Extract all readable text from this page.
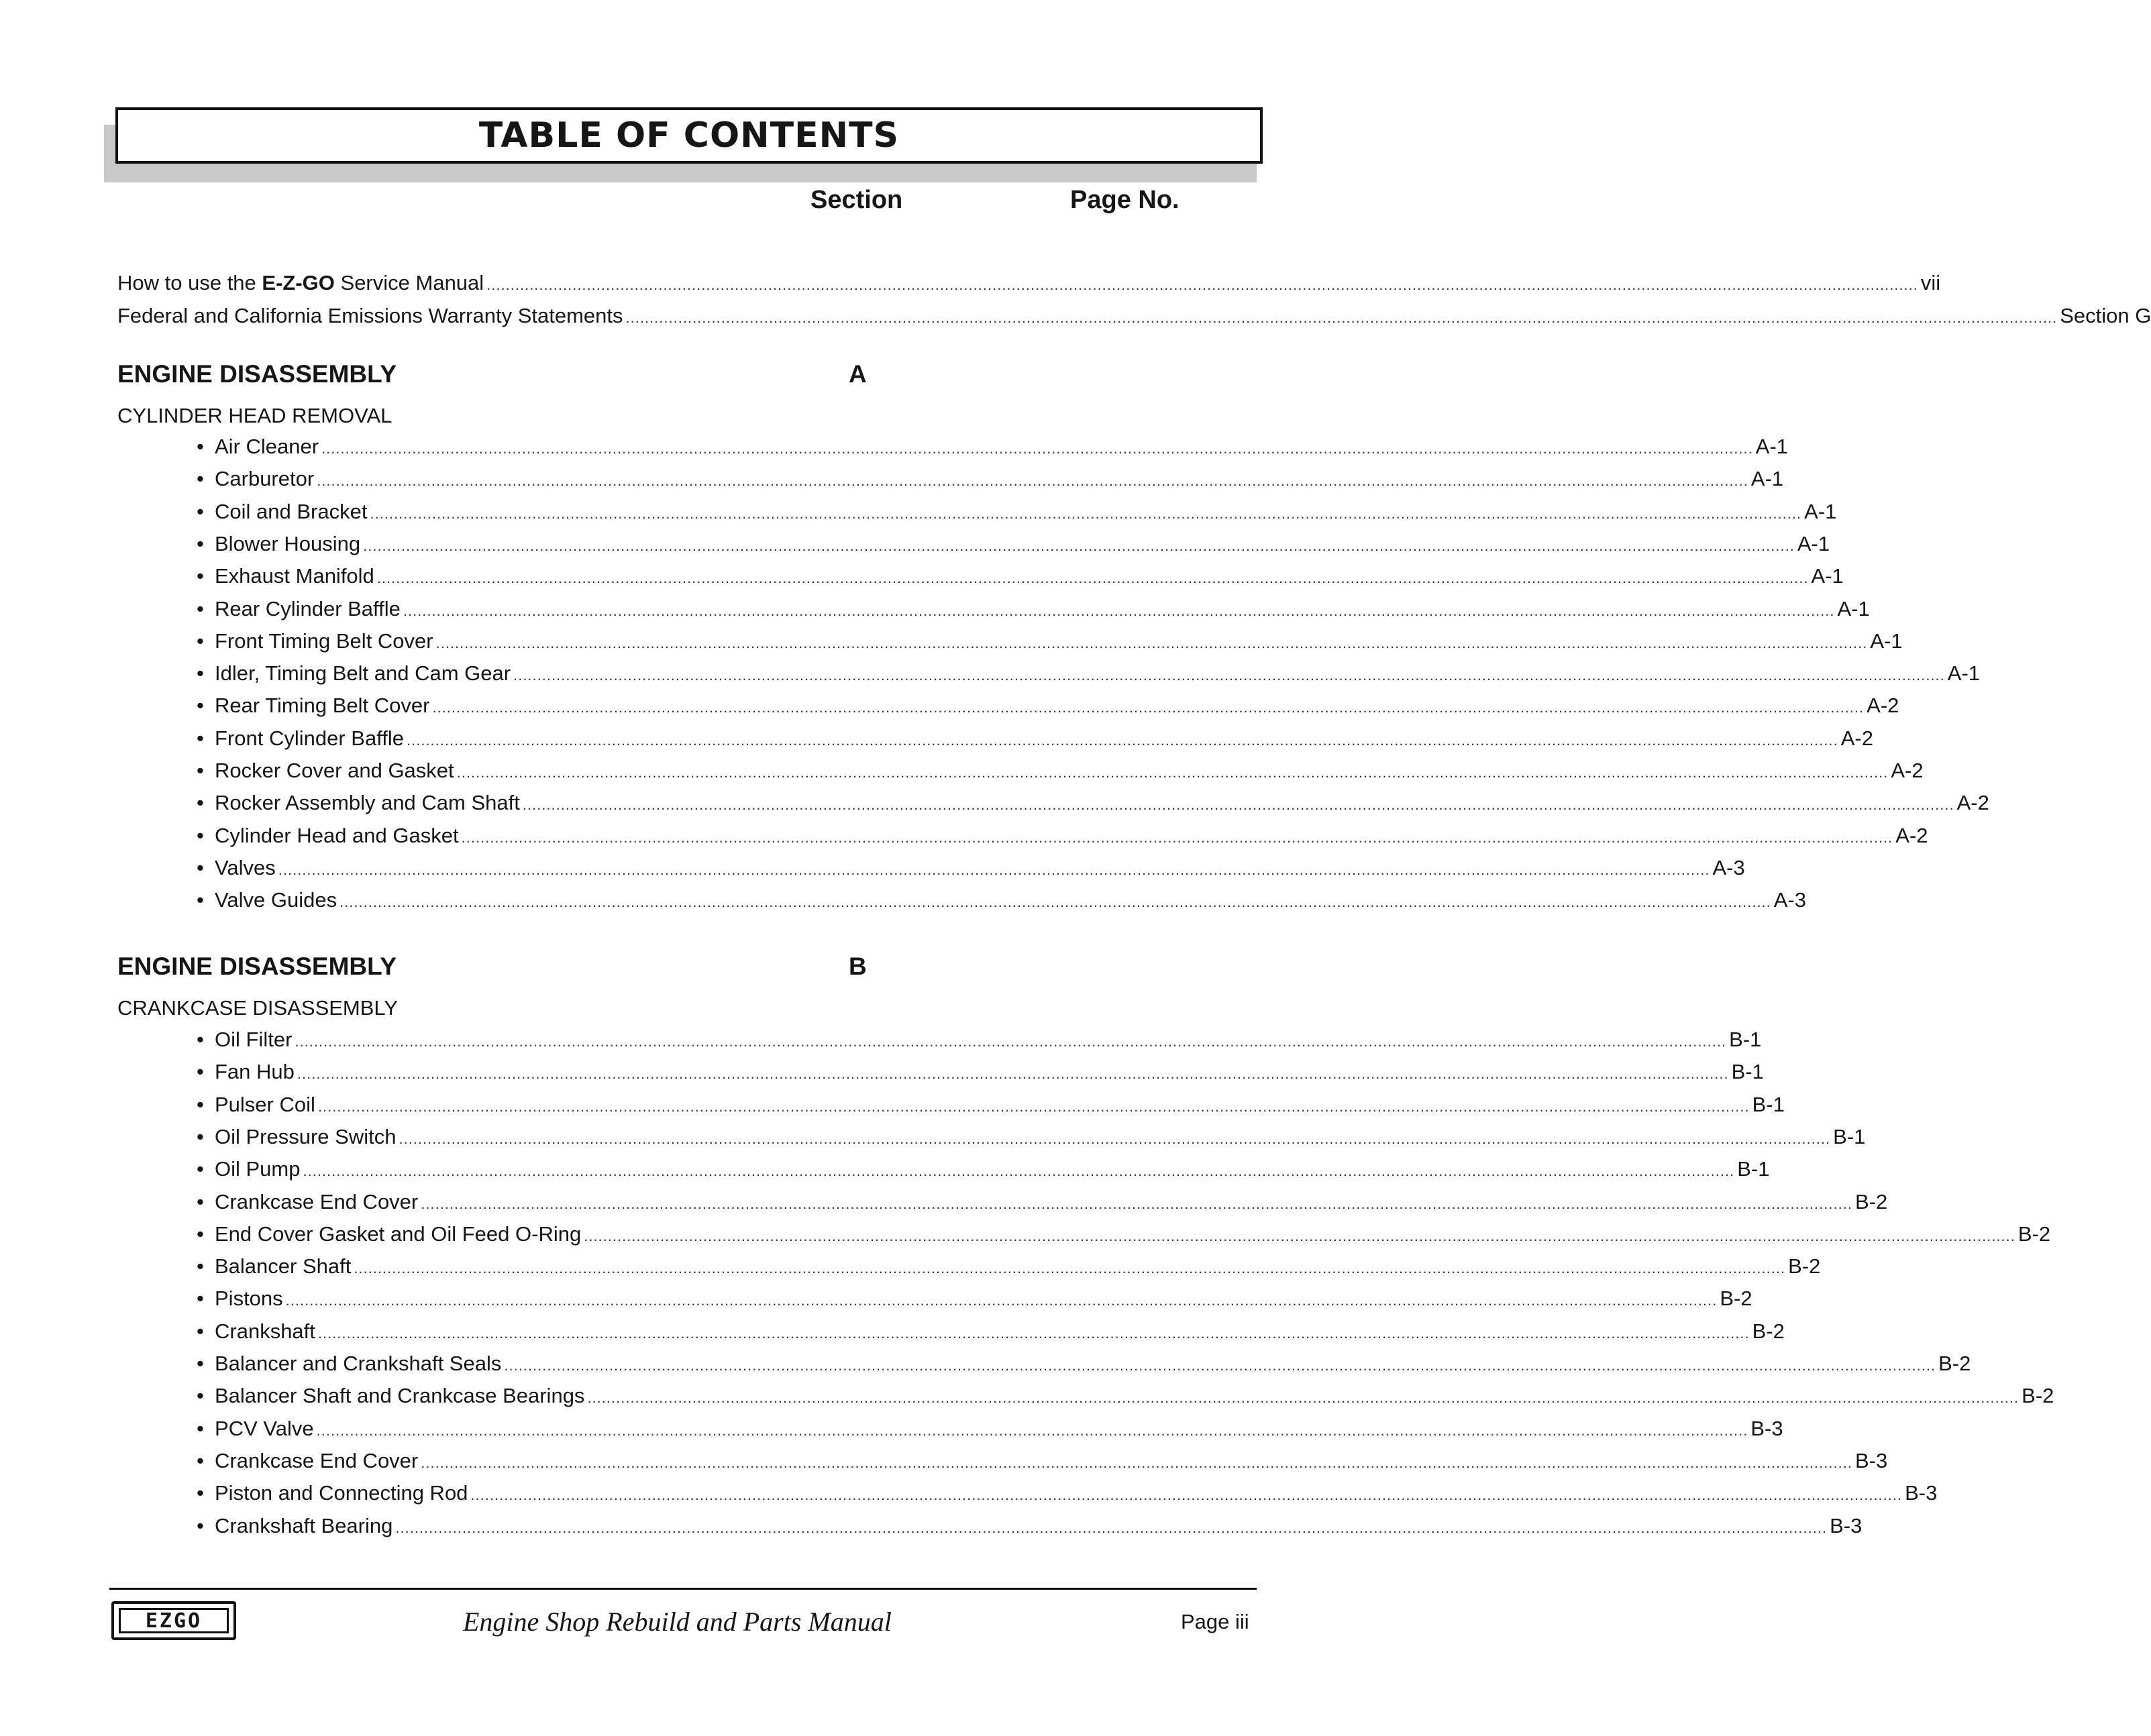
TABLE OF CONTENTS
Section	Page No.
How to use the E-Z-GO Service Manual ............................................................................................................................................................................................................................................................................................................ vii
Federal and California Emissions Warranty Statements ............................................................................................................................................................................................................................................................................................................ Section G
ENGINE DISASSEMBLY	A
CYLINDER HEAD REMOVAL
• Air Cleaner ............................................................................................................................................................................................................................................................................................................ A-1
• Carburetor ............................................................................................................................................................................................................................................................................................................ A-1
• Coil and Bracket ............................................................................................................................................................................................................................................................................................................ A-1
• Blower Housing ............................................................................................................................................................................................................................................................................................................ A-1
• Exhaust Manifold ............................................................................................................................................................................................................................................................................................................ A-1
• Rear Cylinder Baffle ............................................................................................................................................................................................................................................................................................................ A-1
• Front Timing Belt Cover ............................................................................................................................................................................................................................................................................................................ A-1
• Idler, Timing Belt and Cam Gear ............................................................................................................................................................................................................................................................................................................ A-1
• Rear Timing Belt Cover ............................................................................................................................................................................................................................................................................................................ A-2
• Front Cylinder Baffle ............................................................................................................................................................................................................................................................................................................ A-2
• Rocker Cover and Gasket ............................................................................................................................................................................................................................................................................................................ A-2
• Rocker Assembly and Cam Shaft ............................................................................................................................................................................................................................................................................................................ A-2
• Cylinder Head and Gasket ............................................................................................................................................................................................................................................................................................................ A-2
• Valves ............................................................................................................................................................................................................................................................................................................ A-3
• Valve Guides ............................................................................................................................................................................................................................................................................................................ A-3
ENGINE DISASSEMBLY	B
CRANKCASE DISASSEMBLY
• Oil Filter ............................................................................................................................................................................................................................................................................................................ B-1
• Fan Hub ............................................................................................................................................................................................................................................................................................................ B-1
• Pulser Coil ............................................................................................................................................................................................................................................................................................................ B-1
• Oil Pressure Switch ............................................................................................................................................................................................................................................................................................................ B-1
• Oil Pump ............................................................................................................................................................................................................................................................................................................ B-1
• Crankcase End Cover ............................................................................................................................................................................................................................................................................................................ B-2
• End Cover Gasket and Oil Feed O-Ring ............................................................................................................................................................................................................................................................................................................ B-2
• Balancer Shaft ............................................................................................................................................................................................................................................................................................................ B-2
• Pistons ............................................................................................................................................................................................................................................................................................................ B-2
• Crankshaft ............................................................................................................................................................................................................................................................................................................ B-2
• Balancer and Crankshaft Seals ............................................................................................................................................................................................................................................................................................................ B-2
• Balancer Shaft and Crankcase Bearings ............................................................................................................................................................................................................................................................................................................ B-2
• PCV Valve ............................................................................................................................................................................................................................................................................................................ B-3
• Crankcase End Cover ............................................................................................................................................................................................................................................................................................................ B-3
• Piston and Connecting Rod ............................................................................................................................................................................................................................................................................................................ B-3
• Crankshaft Bearing ............................................................................................................................................................................................................................................................................................................ B-3
EZGO	Engine Shop Rebuild and Parts Manual	Page iii
